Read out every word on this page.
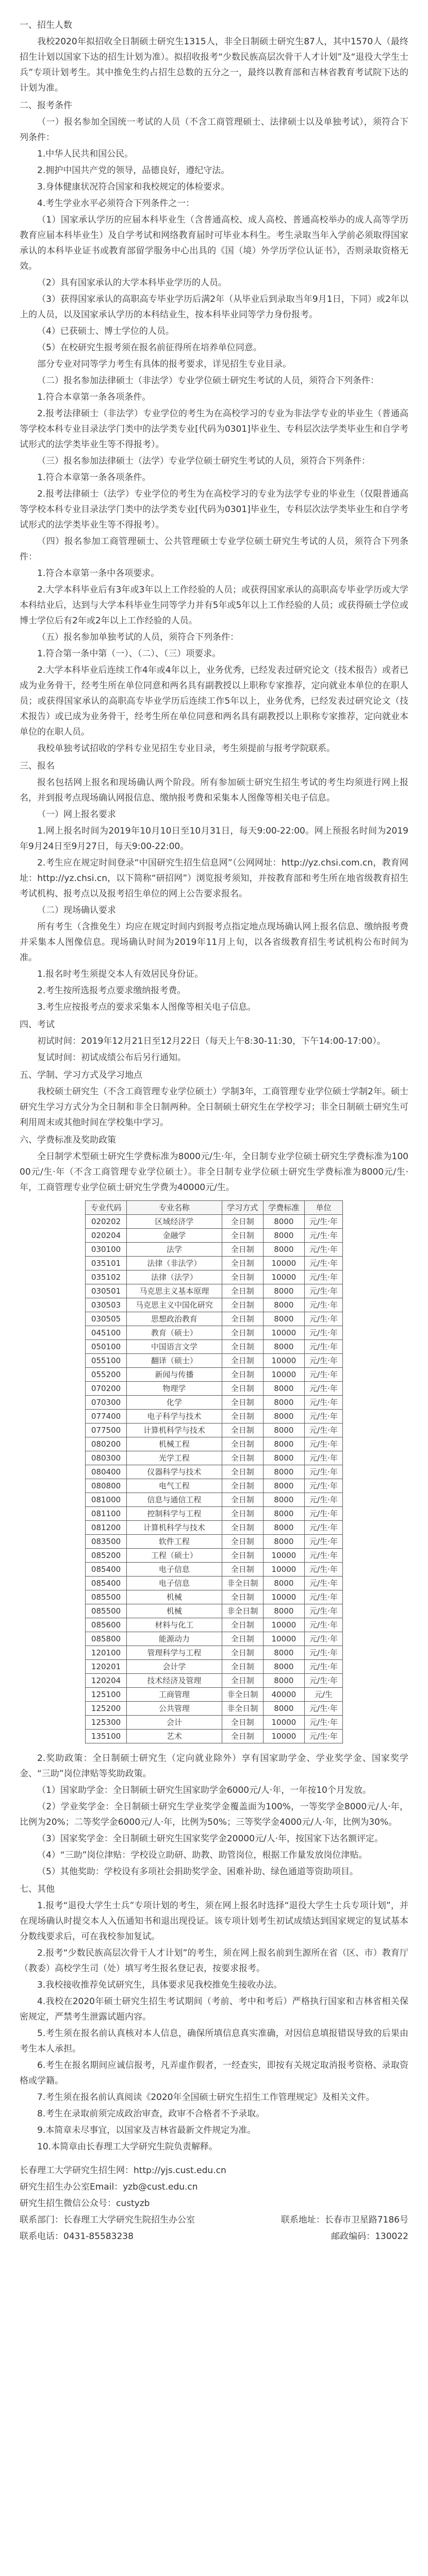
一、招生人数

我校2020年拟招收全日制硕士研究生1315人，非全日制硕士研究生87人，其中1570人（最终招生计划以国家下达的招生计划为准）。拟招收报考“少数民族高层次骨干人才计划”及“退役大学生士兵”专项计划考生。其中推免生约占招生总数的五分之一，最终以教育部和吉林省教育考试院下达的计划为准。

二、报考条件

（一）报名参加全国统一考试的人员（不含工商管理硕士、法律硕士以及单独考试），须符合下列条件：

1.中华人民共和国公民。

2.拥护中国共产党的领导，品德良好，遵纪守法。

3.身体健康状况符合国家和我校规定的体检要求。

4.考生学业水平必须符合下列条件之一：

（1）国家承认学历的应届本科毕业生（含普通高校、成人高校、普通高校举办的成人高等学历教育应届本科毕业生）及自学考试和网络教育届时可毕业本科生。考生录取当年入学前必须取得国家承认的本科毕业证书或教育部留学服务中心出具的《国（境）外学历学位认证书》，否则录取资格无效。

（2）具有国家承认的大学本科毕业学历的人员。

（3）获得国家承认的高职高专毕业学历后满2年（从毕业后到录取当年9月1日，下同）或2年以上的人员，以及国家承认学历的本科结业生，按本科毕业同等学力身份报考。

（4）已获硕士、博士学位的人员。

（5）在校研究生报考须在报名前征得所在培养单位同意。

部分专业对同等学力考生有具体的报考要求，详见招生专业目录。

（二）报名参加法律硕士（非法学）专业学位硕士研究生考试的人员，须符合下列条件：

1.符合本章第一条各项条件。

2.报考法律硕士（非法学）专业学位的考生为在高校学习的专业为非法学专业的毕业生（普通高等学校本科专业目录法学门类中的法学类专业[代码为0301]毕业生、专科层次法学类毕业生和自学考试形式的法学类毕业生等不得报考）。

（三）报名参加法律硕士（法学）专业学位硕士研究生考试的人员，须符合下列条件：

1.符合本章第一条各项条件。

2.报考法律硕士（法学）专业学位的考生为在高校学习的专业为法学专业的毕业生（仅限普通高等学校本科专业目录法学门类中的法学类专业[代码为0301]毕业生，专科层次法学类毕业生和自学考试形式的法学类毕业生等不得报考）。

（四）报名参加工商管理硕士、公共管理硕士专业学位硕士研究生考试的人员，须符合下列条件：

1.符合本章第一条中各项要求。

2.大学本科毕业后有3年或3年以上工作经验的人员；或获得国家承认的高职高专毕业学历或大学本科结业后，达到与大学本科毕业生同等学力并有5年或5年以上工作经验的人员；或获得硕士学位或博士学位后有2年或2年以上工作经验的人员。

（五）报名参加单独考试的人员，须符合下列条件：

1.符合第一条中第（一）、（二）、（三）项要求。

2.大学本科毕业后连续工作4年或4年以上，业务优秀，已经发表过研究论文（技术报告）或者已成为业务骨干，经考生所在单位同意和两名具有副教授以上职称专家推荐，定向就业本单位的在职人员；或获得国家承认的高职高专毕业学历后连续工作5年以上，业务优秀，已经发表过研究论文（技术报告）或已成为业务骨干，经考生所在单位同意和两名具有副教授以上职称专家推荐，定向就业本单位的在职人员。

我校单独考试招收的学科专业见招生专业目录，考生须提前与报考学院联系。

三、报名

报名包括网上报名和现场确认两个阶段。所有参加硕士研究生招生考试的考生均须进行网上报名，并到报考点现场确认网报信息、缴纳报考费和采集本人图像等相关电子信息。

（一）网上报名要求

1.网上报名时间为2019年10月10日至10月31日，每天9:00-22:00。网上预报名时间为2019年9月24日至9月27日，每天9:00-22:00。

2.考生应在规定时间登录“中国研究生招生信息网”（公网网址：http://yz.chsi.com.cn，教育网址：http://yz.chsi.cn，以下简称“研招网”）浏览报考须知，并按教育部和考生所在地省级教育招生考试机构、报考点以及报考招生单位的网上公告要求报名。

（二）现场确认要求

所有考生（含推免生）均应在规定时间内到报考点指定地点现场确认网上报名信息、缴纳报考费并采集本人图像信息。现场确认时间为2019年11月上旬，以各省级教育招生考试机构公布时间为准。

1.报名时考生须提交本人有效居民身份证。

2.考生按所选报考点要求缴纳报考费。

3.考生应按报考点的要求采集本人图像等相关电子信息。

四、考试

初试时间：2019年12月21日至12月22日（每天上午8:30-11:30，下午14:00-17:00）。

复试时间：初试成绩公布后另行通知。

五、学制、学习方式及学习地点

我校硕士研究生（不含工商管理专业学位硕士）学制3年，工商管理专业学位硕士学制2年。硕士研究生学习方式分为全日制和非全日制两种。全日制硕士研究生在学校学习；非全日制硕士研究生可利用周末或其他时间在学校集中学习。

六、学费标准及奖助政策

全日制学术型硕士研究生学费标准为8000元/生·年，全日制专业学位硕士研究生学费标准为10000元/生·年（不含工商管理专业学位硕士）。非全日制专业学位硕士研究生学费标准为8000元/生·年，工商管理专业学位硕士研究生学费为40000元/生。

专业代码	专业名称	学习方式	学费标准	单位
020202	区域经济学	全日制	8000	元/生·年
020204	金融学	全日制	8000	元/生·年
030100	法学	全日制	8000	元/生·年
035101	法律（非法学）	全日制	10000	元/生·年
035102	法律（法学）	全日制	10000	元/生·年
030501	马克思主义基本原理	全日制	8000	元/生·年
030503	马克思主义中国化研究	全日制	8000	元/生·年
030505	思想政治教育	全日制	8000	元/生·年
045100	教育（硕士）	全日制	10000	元/生·年
050100	中国语言文学	全日制	8000	元/生·年
055100	翻译（硕士）	全日制	10000	元/生·年
055200	新闻与传播	全日制	10000	元/生·年
070200	物理学	全日制	8000	元/生·年
070300	化学	全日制	8000	元/生·年
077400	电子科学与技术	全日制	8000	元/生·年
077500	计算机科学与技术	全日制	8000	元/生·年
080200	机械工程	全日制	8000	元/生·年
080300	光学工程	全日制	8000	元/生·年
080400	仪器科学与技术	全日制	8000	元/生·年
080800	电气工程	全日制	8000	元/生·年
081000	信息与通信工程	全日制	8000	元/生·年
081100	控制科学与工程	全日制	8000	元/生·年
081200	计算机科学与技术	全日制	8000	元/生·年
083500	软件工程	全日制	8000	元/生·年
085200	工程（硕士）	全日制	10000	元/生·年
085400	电子信息	全日制	10000	元/生·年
085400	电子信息	非全日制	8000	元/生·年
085500	机械	全日制	10000	元/生·年
085500	机械	非全日制	8000	元/生·年
085600	材料与化工	全日制	10000	元/生·年
085800	能源动力	全日制	10000	元/生·年
120100	管理科学与工程	全日制	8000	元/生·年
120201	会计学	全日制	8000	元/生·年
120204	技术经济及管理	全日制	8000	元/生·年
125100	工商管理	非全日制	40000	元/生
125200	公共管理	非全日制	8000	元/生·年
125300	会计	全日制	10000	元/生·年
135100	艺术	全日制	10000	元/生·年

2.奖助政策：全日制硕士研究生（定向就业除外）享有国家助学金、学业奖学金、国家奖学金、“三助”岗位津贴等奖助政策。

（1）国家助学金：全日制硕士研究生国家助学金6000元/人·年，一年按10个月发放。

（2）学业奖学金：全日制硕士研究生学业奖学金覆盖面为100%，一等奖学金8000元/人·年，比例为20%；二等奖学金6000元/人·年，比例为50%；三等奖学金4000元/人·年，比例为30%。

（3）国家奖学金：全日制硕士研究生国家奖学金20000元/人·年，按国家下达名额评定。

（4）“三助”岗位津贴：学校设立助研、助教、助管岗位，根据工作量发放岗位津贴。

（5）其他奖助：学校设有多项社会捐助奖学金、困难补助、绿色通道等资助项目。

七、其他

1.报考“退役大学生士兵”专项计划的考生，须在网上报名时选择“退役大学生士兵专项计划”，并在现场确认时提交本人入伍通知书和退出现役证。该专项计划考生初试成绩达到国家规定的复试基本分数线要求后，可在我校参加复试。

2.报考“少数民族高层次骨干人才计划”的考生，须在网上报名前到生源所在省（区、市）教育厅（教委）高校学生司（处）填写考生报名登记表，按要求报考。

3.我校接收推荐免试研究生，具体要求见我校推免生接收办法。

4.我校在2020年硕士研究生招生考试期间（考前、考中和考后）严格执行国家和吉林省相关保密规定，严禁考生泄露试题内容。

5.考生须在报名前认真核对本人信息，确保所填信息真实准确，对因信息填报错误导致的后果由考生本人承担。

6.考生在报名期间应诚信报考，凡弄虚作假者，一经查实，即按有关规定取消报考资格、录取资格或学籍。

7.考生须在报名前认真阅读《2020年全国硕士研究生招生工作管理规定》及相关文件。

8.考生在录取前须完成政治审查，政审不合格者不予录取。

9.本简章未尽事宜，以国家及吉林省最新文件规定为准。

10.本简章由长春理工大学研究生院负责解释。

长春理工大学研究生招生网：http://yjs.cust.edu.cn

研究生招生办公室Email：yzb@cust.edu.cn

研究生招生微信公众号：custyzb

联系部门：长春理工大学研究生院招生办公室	联系地址：长春市卫星路7186号
联系电话：0431-85583238	邮政编码：130022
